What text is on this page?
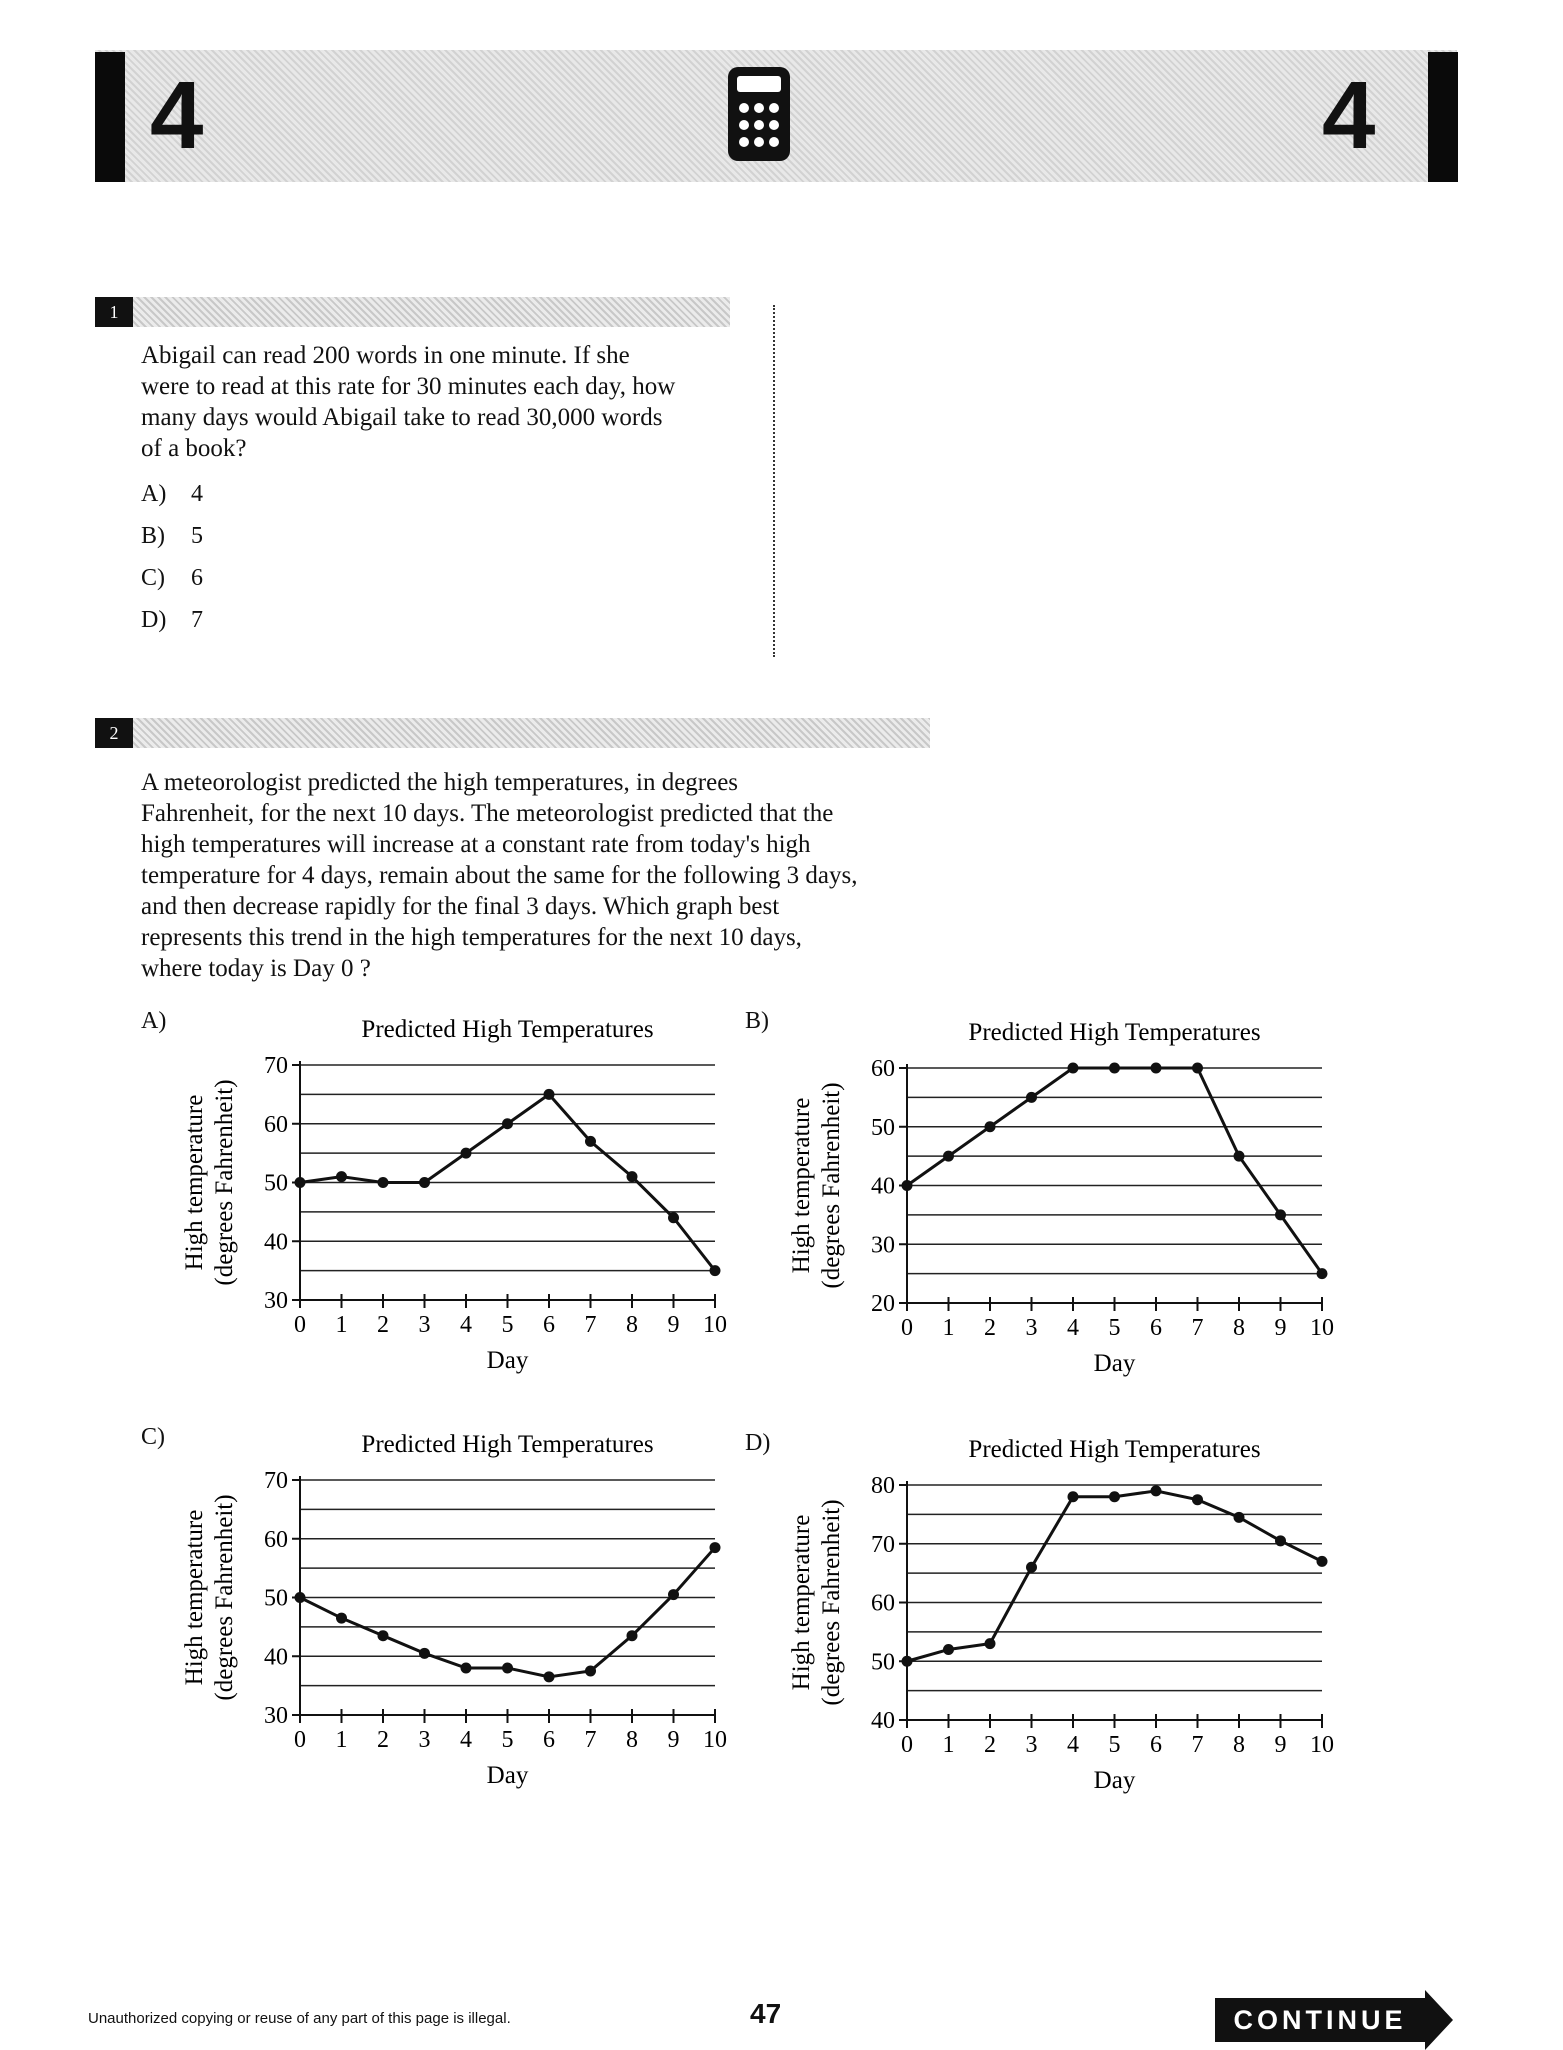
4	4
1
Abigail can read 200 words in one minute. If she
were to read at this rate for 30 minutes each day, how
many days would Abigail take to read 30,000 words
of a book?
A) 4
B) 5
C) 6
D) 7
2
A meteorologist predicted the high temperatures, in degrees
Fahrenheit, for the next 10 days. The meteorologist predicted that the
high temperatures will increase at a constant rate from today's high
temperature for 4 days, remain about the same for the following 3 days,
and then decrease rapidly for the final 3 days. Which graph best
represents this trend in the high temperatures for the next 10 days,
where today is Day 0 ?
A)	B)
C)	D)
Predicted High Temperatures
30
40
50
60
70
0 1 2 3 4 5 6 7 8 9 10
Day
High temperature (degrees Fahrenheit)
Predicted High Temperatures
20
30
40
50
60
0 1 2 3 4 5 6 7 8 9 10
Day
High temperature (degrees Fahrenheit)
Predicted High Temperatures
30
40
50
60
70
0 1 2 3 4 5 6 7 8 9 10
Day
High temperature (degrees Fahrenheit)
Predicted High Temperatures
40
50
60
70
80
0 1 2 3 4 5 6 7 8 9 10
Day
High temperature (degrees Fahrenheit)
Unauthorized copying or reuse of any part of this page is illegal.	47	CONTINUE
